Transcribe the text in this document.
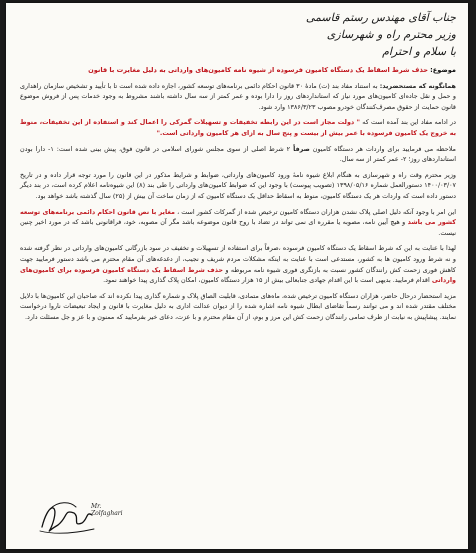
جناب آقای مهندس رستم قاسمی

وزیر محترم راه و شهرسازی

با سلام و احترام

موضوع: حذف شرط اسقاط یک دستگاه کامیون فرسوده از شیوه نامه کامیون‌های وارداتی به دلیل مغایرت با قانون

همانگونه که مستحضرید: به استناد مفاد بند (ت) مادهٔ ۳۰ قانون احکام دائمی برنامه‌های توسعه کشور، اجازه داده شده است تا با تأیید و تشخیص سازمان راهداری و حمل و نقل جاده‌ای کامیون‌های مورد نیاز که استانداردهای روز را دارا بوده و عمر کمتر از سه سال داشته باشند مشروط به وجود خدمات پس از فروش موضوع قانون حمایت از حقوق مصرف‌کنندگان خودرو مصوب ۱۳۸۶/۳/۲۳ وارد شود.

در ادامه مفاد این بند آمده است که " دولت مجاز است در این رابطه تخفیفات و تسهیلات گمرکی را اعمال کند و استفاده از این تخفیفات، منوط به خروج یک کامیون فرسوده با عمر بیش از بیست و پنج سال به ازای هر کامیون وارداتی است."

ملاحظه می فرمایید برای واردات هر دستگاه کامیون صرفاً ۲ شرط اصلی از سوی مجلس شورای اسلامی در قانون فوق، پیش بینی شده است: ۱- دارا بودن استانداردهای روز؛ ۲- عمر کمتر از سه سال.

وزیر محترم وقت راه و شهرسازی به هنگام ابلاغ شیوه نامهٔ ورود کامیون‌های وارداتی، ضوابط و شرایط مذکور در این قانون را مورد توجه قرار داده و در تاریخ ۱۴۰۰/۰۳/۰۷ دستورالعمل شماره ۱۳۹۸/۰۵/۱۶ (تصویب پیوست) با وجود این که ضوابط کامیون‌های وارداتی را طی بند (۸) این شیوه‌نامه اعلام کرده است، در بند دیگر دستور داده است که واردات هر یک دستگاه کامیون، منوط به اسقاط حداقل یک دستگاه کامیون که از زمان ساخت آن بیش از (۲۵) سال گذشته باشد خواهد بود.

این امر با وجود آنکه دلیل اصلی پلاک نشدن هزاران دستگاه کامیون ترخیص شده از گمرکات کشور است ، مغایر با نص قانون احکام دائمی برنامه‌های توسعه کشور می باشد و هیچ آیین نامه، مصوبه یا مقرره ای نمی تواند در تضاد با روح قانون موضوعه باشد مگر آن مصوبه، خود، فراقانونی باشد که در مورد اخیر چنین نیست.

لهذا با عنایت به این که شرط اسقاط یک دستگاه کامیون فرسوده ،صرفاً برای استفاده از تسهیلات و تخفیف در سود بازرگانی کامیون‌های وارداتی در نظر گرفته شده و نه شرط ورود کامیون ها به کشور، مستدعی است با عنایت به اینکه مشکلات مردم شریف و نجیب، از دغدغه‌های آن مقام محترم می باشد دستور فرمایید جهت کاهش فوری زحمت کش رانندگان کشور نسبت به بازنگری فوری شیوه نامه مربوطه و حذف شرط اسقاط یک دستگاه کامیون فرسوده برای کامیون‌های وارداتی اقدام فرمایید. بدیهی است با این اقدام جهادی جنابعالی بیش از ۱۵ هزار دستگاه کامیون، امکان پلاک گذاری پیدا خواهند نمود.

مزید استحضار درحال حاضر، هزاران دستگاه کامیون ترخیص شده، ماه‌های متمادی، قابلیت الصاق پلاک و شماره گذاری پیدا نکرده اند که صاحبان این کامیون‌ها با دلایل مختلف مقتدر شده اند و می توانند رسماً تقاضای ابطال شیوه نامه اشاره شده را از دیوان عدالت اداری به دلیل مغایرت با قانون و ایجاد تبعیضات ناروا درخواست نمایند. پیشاپیش به نیابت از طرف تمامی رانندگان زحمت کش این مرز و بوم، از آن مقام محترم و با عزت، دعای خیر بفرمایید که ممنون و با عز و جل مسئلت دارد.

Mr. Zolfaghari
